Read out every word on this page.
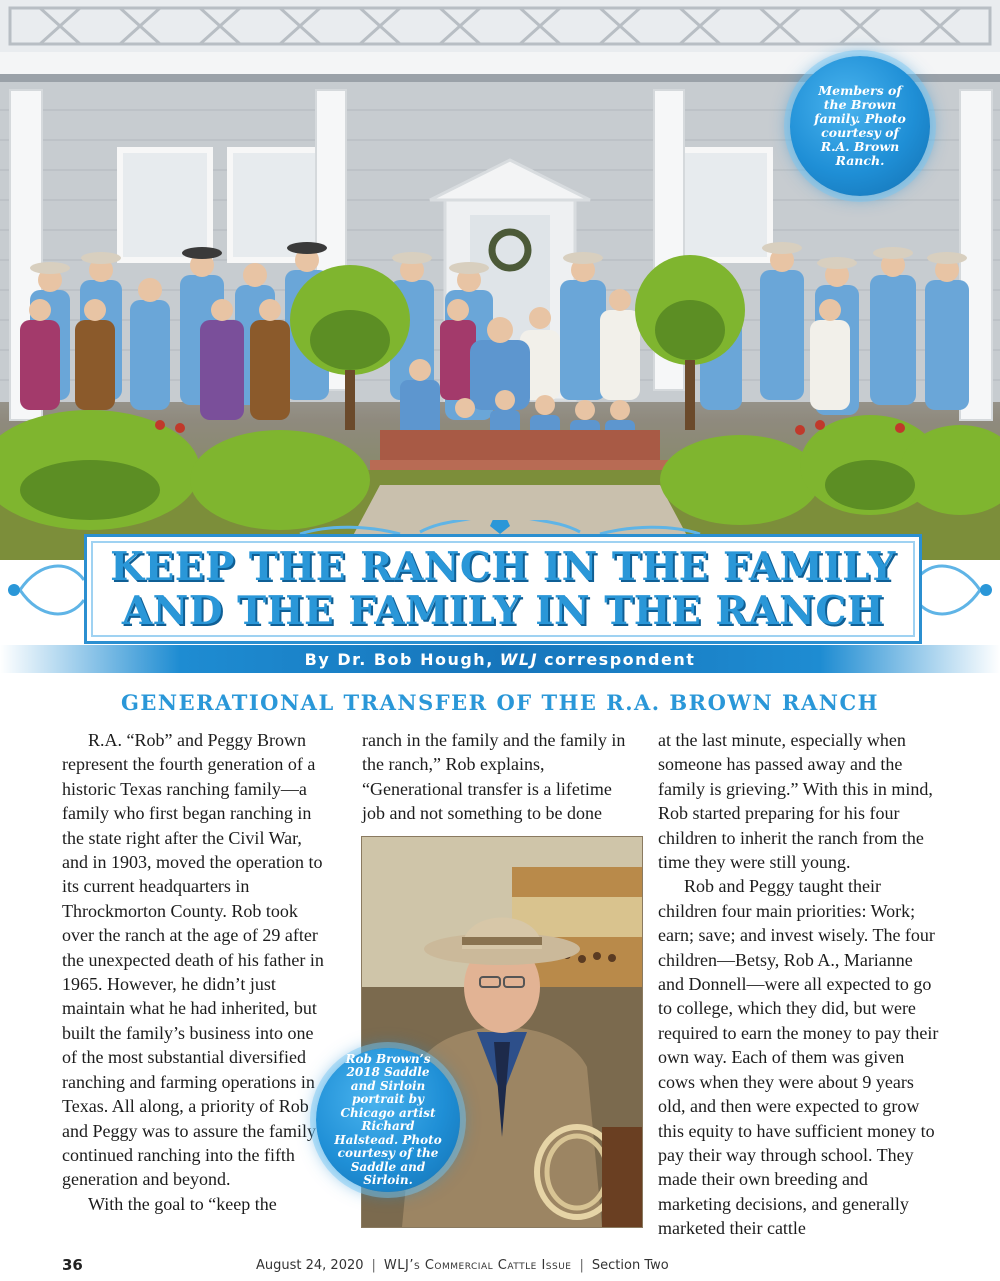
Members of the Brown family. Photo courtesy of R.A. Brown Ranch.
KEEP THE RANCH IN THE FAMILY
AND THE FAMILY IN THE RANCH
By Dr. Bob Hough, WLJ correspondent
GENERATIONAL TRANSFER OF THE R.A. BROWN RANCH

R.A. “Rob” and Peggy Brown represent the fourth generation of a historic Texas ranching family—a family who first began ranching in the state right after the Civil War, and in 1903, moved the operation to its current headquarters in Throckmorton County. Rob took over the ranch at the age of 29 after the unexpected death of his father in 1965. However, he didn’t just maintain what he had inherited, but built the family’s business into one of the most substantial diversified ranching and farming operations in Texas. All along, a priority of Rob and Peggy was to assure the family continued ranching into the fifth generation and beyond.

With the goal to “keep the

ranch in the family and the family in the ranch,” Rob explains, “Generational transfer is a lifetime job and not something to be done

Rob Brown’s 2018 Saddle and Sirloin portrait by Chicago artist Richard Halstead. Photo courtesy of the Saddle and Sirloin.

at the last minute, especially when someone has passed away and the family is grieving.” With this in mind, Rob started preparing for his four children to inherit the ranch from the time they were still young.

Rob and Peggy taught their children four main priorities: Work; earn; save; and invest wisely. The four children—Betsy, Rob A., Marianne and Donnell—were all expected to go to college, which they did, but were required to earn the money to pay their own way. Each of them was given cows when they were about 9 years old, and then were expected to grow this equity to have sufficient money to pay their way through school. They made their own breeding and marketing decisions, and generally marketed their cattle

36	August 24, 2020 | WLJ’s Commercial Cattle Issue | Section Two
